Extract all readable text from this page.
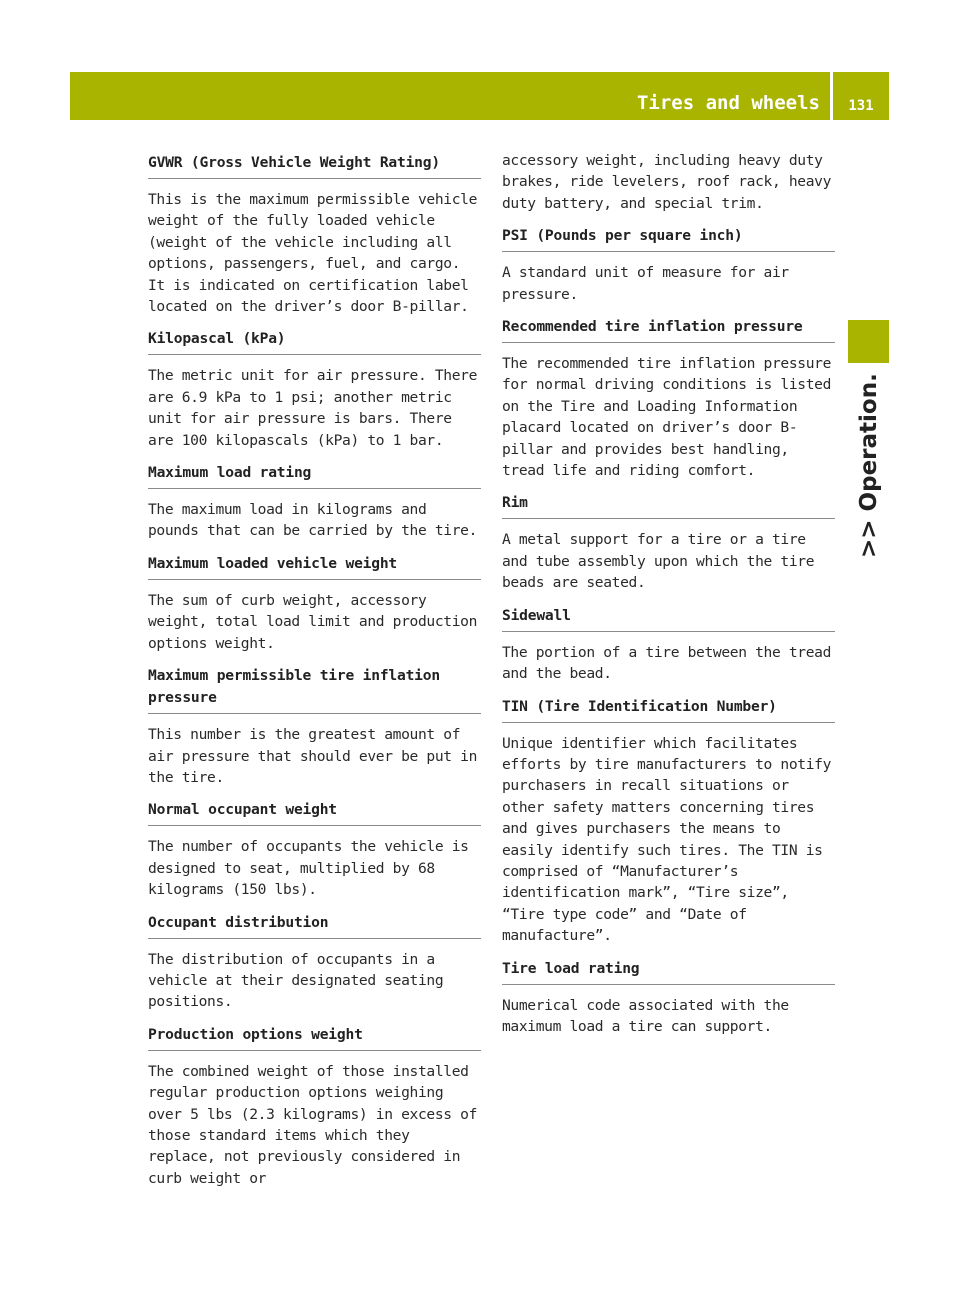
Tires and wheels	131
>> Operation.
GVWR (Gross Vehicle Weight Rating)

This is the maximum permissible vehicle weight of the fully loaded vehicle (weight of the vehicle including all options, passengers, fuel, and cargo. It is indicated on certification label located on the driver’s door B-pillar.

Kilopascal (kPa)

The metric unit for air pressure. There are 6.9 kPa to 1 psi; another metric unit for air pressure is bars. There are 100 kilopascals (kPa) to 1 bar.

Maximum load rating

The maximum load in kilograms and pounds that can be carried by the tire.

Maximum loaded vehicle weight

The sum of curb weight, accessory weight, total load limit and production options weight.

Maximum permissible tire inflation pressure

This number is the greatest amount of air pressure that should ever be put in the tire.

Normal occupant weight

The number of occupants the vehicle is designed to seat, multiplied by 68 kilograms (150 lbs).

Occupant distribution

The distribution of occupants in a vehicle at their designated seating positions.

Production options weight

The combined weight of those installed regular production options weighing over 5 lbs (2.3 kilograms) in excess of those standard items which they replace, not previously considered in curb weight or

accessory weight, including heavy duty brakes, ride levelers, roof rack, heavy duty battery, and special trim.

PSI (Pounds per square inch)

A standard unit of measure for air pressure.

Recommended tire inflation pressure

The recommended tire inflation pressure for normal driving conditions is listed on the Tire and Loading Information placard located on driver’s door B-pillar and provides best handling, tread life and riding comfort.

Rim

A metal support for a tire or a tire and tube assembly upon which the tire beads are seated.

Sidewall

The portion of a tire between the tread and the bead.

TIN (Tire Identification Number)

Unique identifier which facilitates efforts by tire manufacturers to notify purchasers in recall situations or other safety matters concerning tires and gives purchasers the means to easily identify such tires. The TIN is comprised of “Manufacturer’s identification mark”, “Tire size”, “Tire type code” and “Date of manufacture”.

Tire load rating

Numerical code associated with the maximum load a tire can support.
